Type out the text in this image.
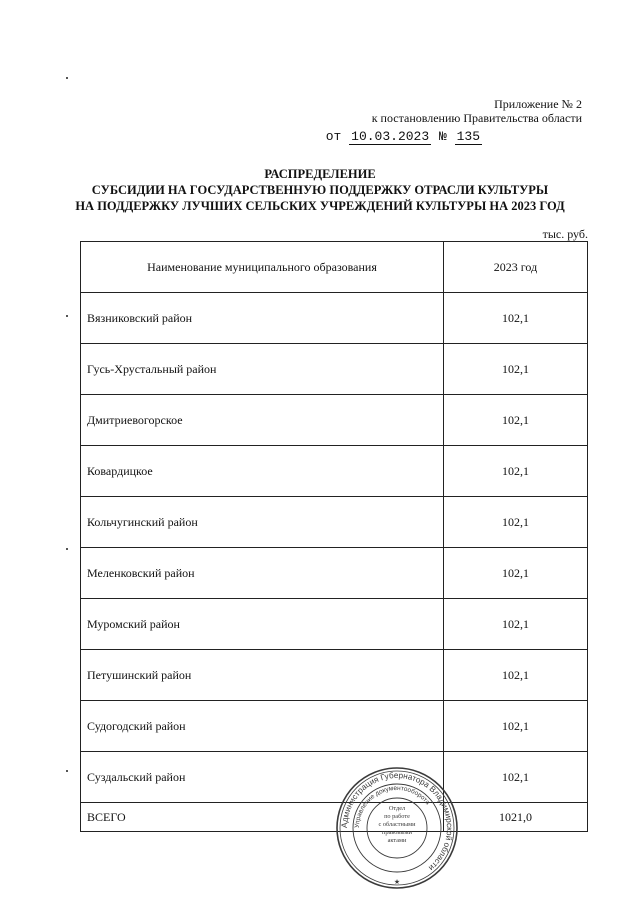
Приложение № 2
к постановлению Правительства области
от 10.03.2023 № 135
РАСПРЕДЕЛЕНИЕ
СУБСИДИИ НА ГОСУДАРСТВЕННУЮ ПОДДЕРЖКУ ОТРАСЛИ КУЛЬТУРЫ
НА ПОДДЕРЖКУ ЛУЧШИХ СЕЛЬСКИХ УЧРЕЖДЕНИЙ КУЛЬТУРЫ НА 2023 ГОД
тыс. руб.
Наименование муниципального образования	2023 год
Вязниковский район	102,1
Гусь-Хрустальный район	102,1
Дмитриевогорское	102,1
Ковардицкое	102,1
Кольчугинский район	102,1
Меленковский район	102,1
Муромский район	102,1
Петушинский район	102,1
Судогодский район	102,1
Суздальский район	102,1
ВСЕГО	1021,0
Администрация Губернатора Владимирской области
Управление документооборота
Отдел
по работе
с областными
правовыми
актами
★
